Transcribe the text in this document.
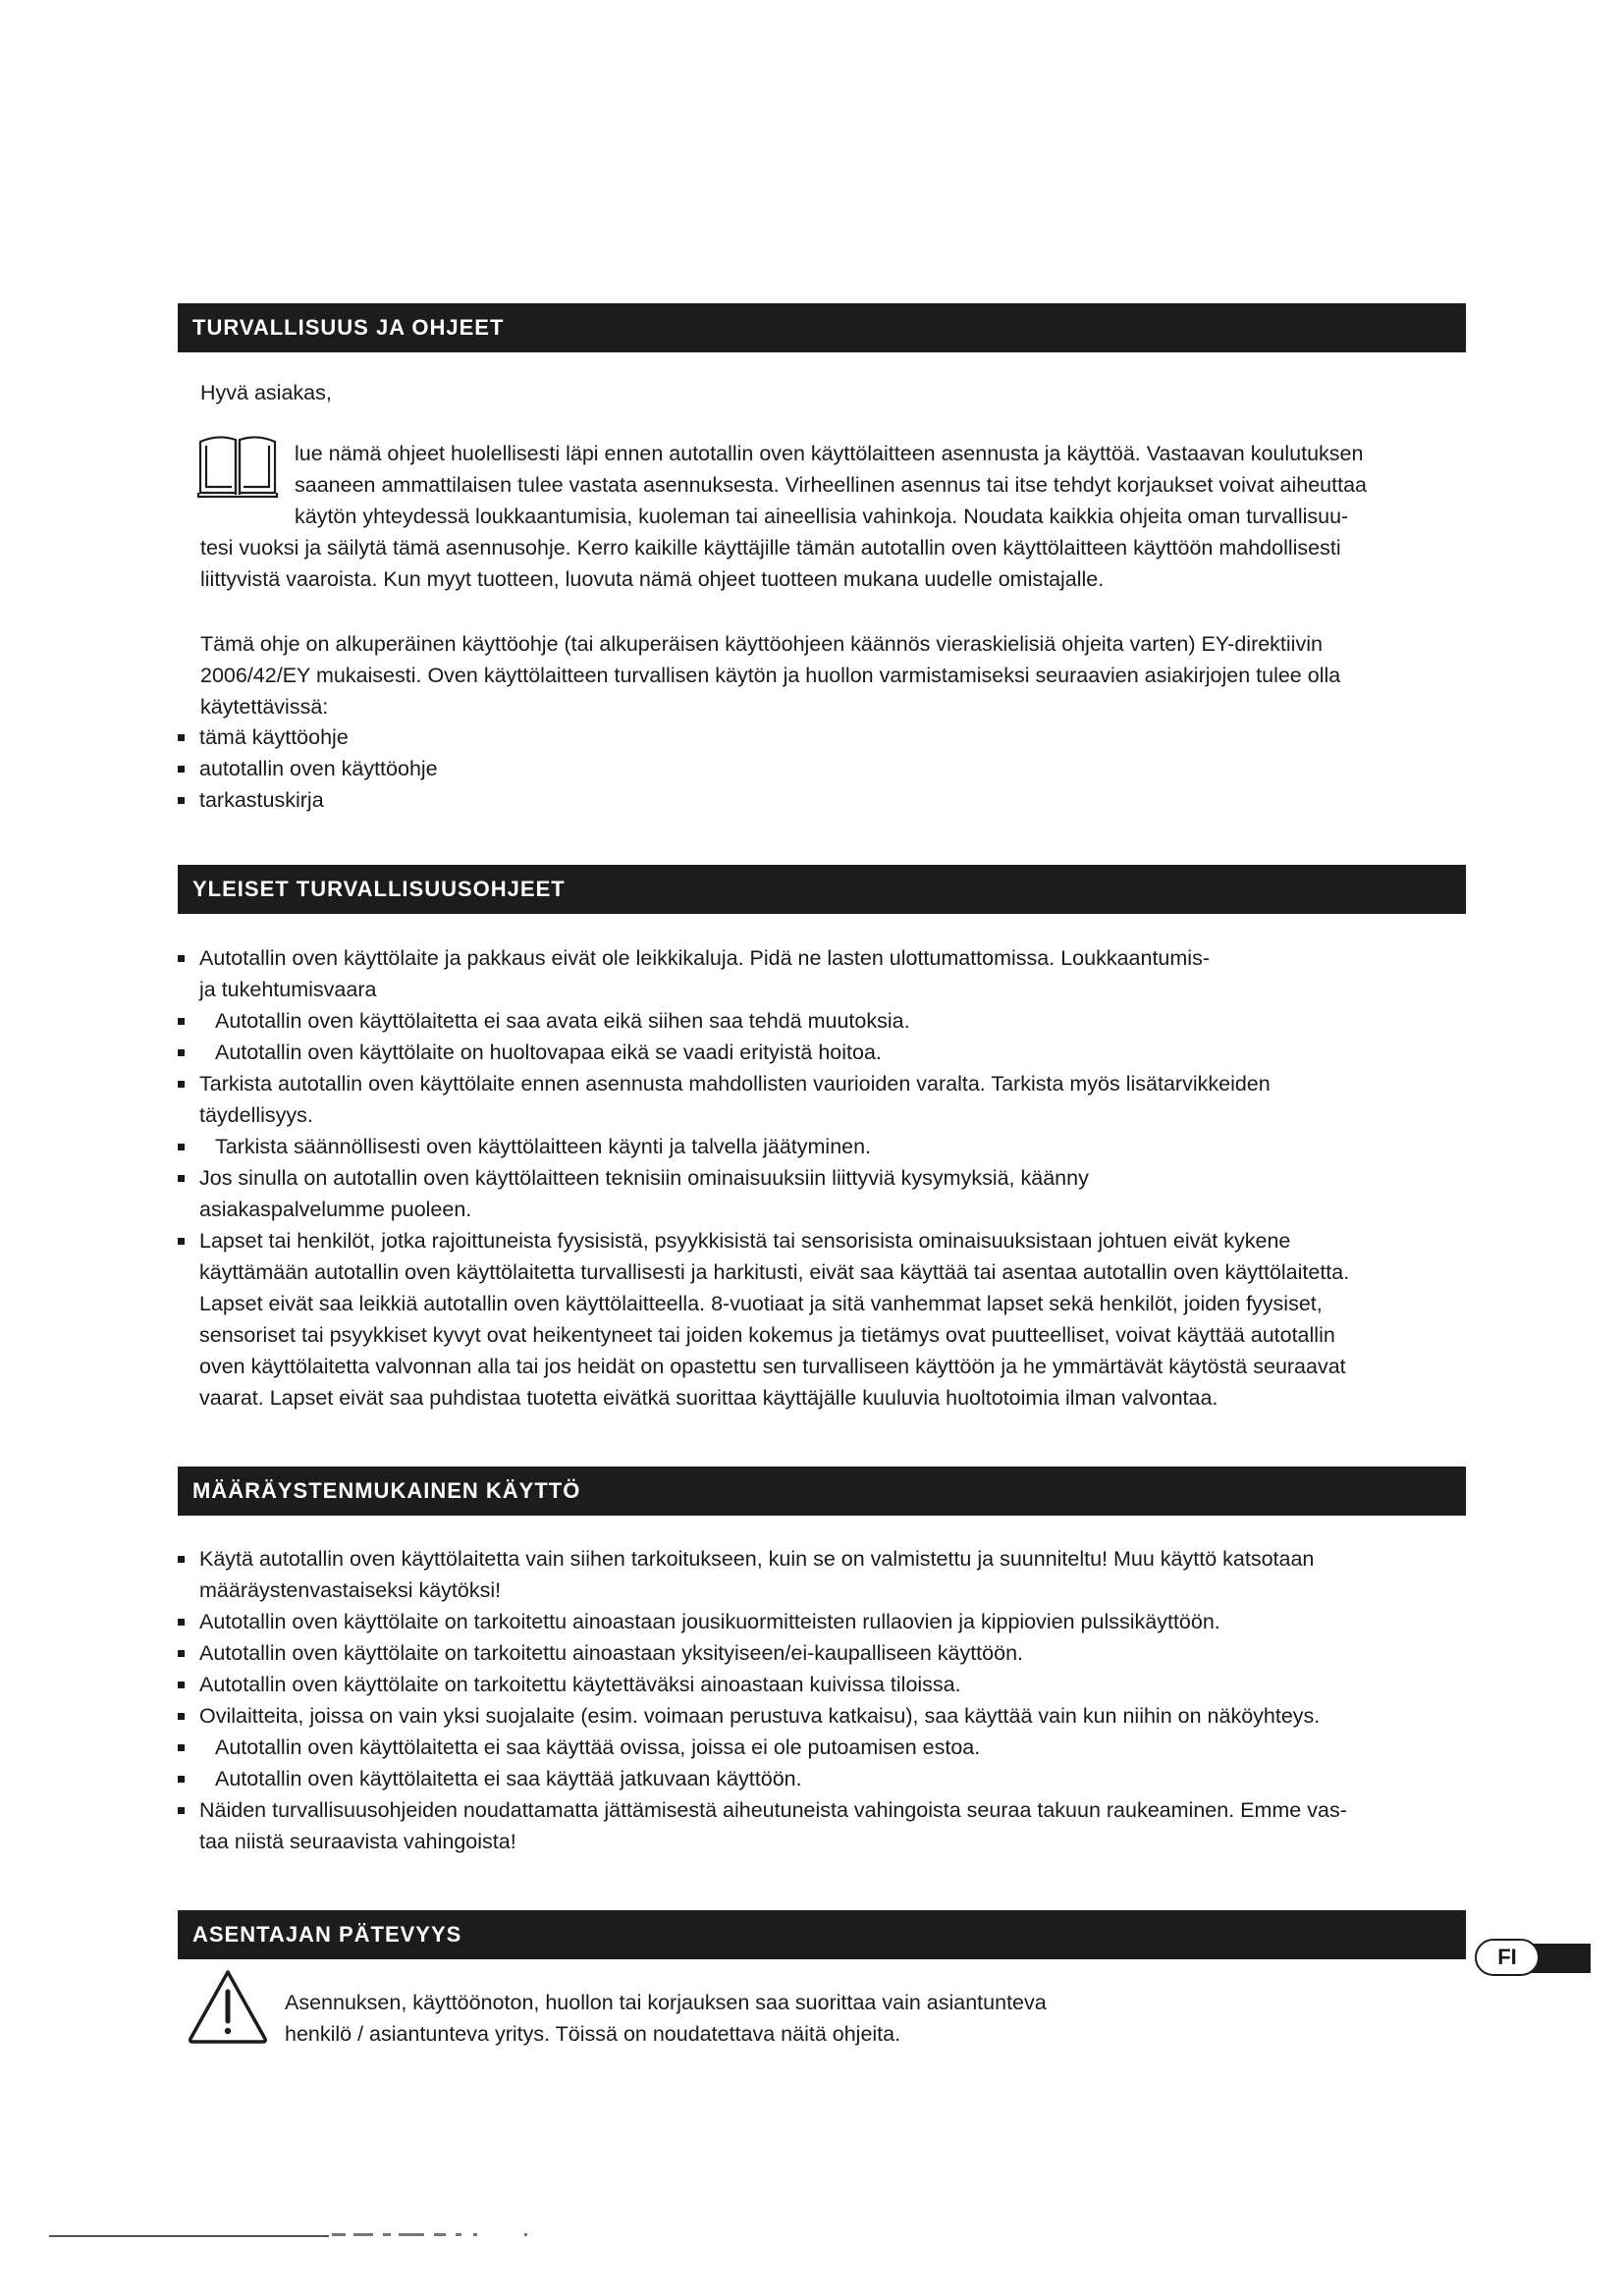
TURVALLISUUS JA OHJEET
Hyvä asiakas,
lue nämä ohjeet huolellisesti läpi ennen autotallin oven käyttölaitteen asennusta ja käyttöä. Vastaavan koulutuksen
saaneen ammattilaisen tulee vastata asennuksesta. Virheellinen asennus tai itse tehdyt korjaukset voivat aiheuttaa
käytön yhteydessä loukkaantumisia, kuoleman tai aineellisia vahinkoja. Noudata kaikkia ohjeita oman turvallisuu-
tesi vuoksi ja säilytä tämä asennusohje. Kerro kaikille käyttäjille tämän autotallin oven käyttölaitteen käyttöön mahdollisesti
liittyvistä vaaroista. Kun myyt tuotteen, luovuta nämä ohjeet tuotteen mukana uudelle omistajalle.
Tämä ohje on alkuperäinen käyttöohje (tai alkuperäisen käyttöohjeen käännös vieraskielisiä ohjeita varten) EY-direktiivin
2006/42/EY mukaisesti. Oven käyttölaitteen turvallisen käytön ja huollon varmistamiseksi seuraavien asiakirjojen tulee olla
käytettävissä:
tämä käyttöohje
autotallin oven käyttöohje
tarkastuskirja
YLEISET TURVALLISUUSOHJEET
Autotallin oven käyttölaite ja pakkaus eivät ole leikkikaluja. Pidä ne lasten ulottumattomissa. Loukkaantumis-
ja tukehtumisvaara
Autotallin oven käyttölaitetta ei saa avata eikä siihen saa tehdä muutoksia.
Autotallin oven käyttölaite on huoltovapaa eikä se vaadi erityistä hoitoa.
Tarkista autotallin oven käyttölaite ennen asennusta mahdollisten vaurioiden varalta. Tarkista myös lisätarvikkeiden
täydellisyys.
Tarkista säännöllisesti oven käyttölaitteen käynti ja talvella jäätyminen.
Jos sinulla on autotallin oven käyttölaitteen teknisiin ominaisuuksiin liittyviä kysymyksiä, käänny
asiakaspalvelumme puoleen.
Lapset tai henkilöt, jotka rajoittuneista fyysisistä, psyykkisistä tai sensorisista ominaisuuksistaan johtuen eivät kykene
käyttämään autotallin oven käyttölaitetta turvallisesti ja harkitusti, eivät saa käyttää tai asentaa autotallin oven käyttölaitetta.
Lapset eivät saa leikkiä autotallin oven käyttölaitteella. 8-vuotiaat ja sitä vanhemmat lapset sekä henkilöt, joiden fyysiset,
sensoriset tai psyykkiset kyvyt ovat heikentyneet tai joiden kokemus ja tietämys ovat puutteelliset, voivat käyttää autotallin
oven käyttölaitetta valvonnan alla tai jos heidät on opastettu sen turvalliseen käyttöön ja he ymmärtävät käytöstä seuraavat
vaarat. Lapset eivät saa puhdistaa tuotetta eivätkä suorittaa käyttäjälle kuuluvia huoltotoimia ilman valvontaa.
MÄÄRÄYSTENMUKAINEN KÄYTTÖ
Käytä autotallin oven käyttölaitetta vain siihen tarkoitukseen, kuin se on valmistettu ja suunniteltu! Muu käyttö katsotaan
määräystenvastaiseksi käytöksi!
Autotallin oven käyttölaite on tarkoitettu ainoastaan jousikuormitteisten rullaovien ja kippiovien pulssikäyttöön.
Autotallin oven käyttölaite on tarkoitettu ainoastaan yksityiseen/ei-kaupalliseen käyttöön.
Autotallin oven käyttölaite on tarkoitettu käytettäväksi ainoastaan kuivissa tiloissa.
Ovilaitteita, joissa on vain yksi suojalaite (esim. voimaan perustuva katkaisu), saa käyttää vain kun niihin on näköyhteys.
Autotallin oven käyttölaitetta ei saa käyttää ovissa, joissa ei ole putoamisen estoa.
Autotallin oven käyttölaitetta ei saa käyttää jatkuvaan käyttöön.
Näiden turvallisuusohjeiden noudattamatta jättämisestä aiheutuneista vahingoista seuraa takuun raukeaminen. Emme vas-
taa niistä seuraavista vahingoista!
ASENTAJAN PÄTEVYYS
Asennuksen, käyttöönoton, huollon tai korjauksen saa suorittaa vain asiantunteva
henkilö / asiantunteva yritys. Töissä on noudatettava näitä ohjeita.
FI
